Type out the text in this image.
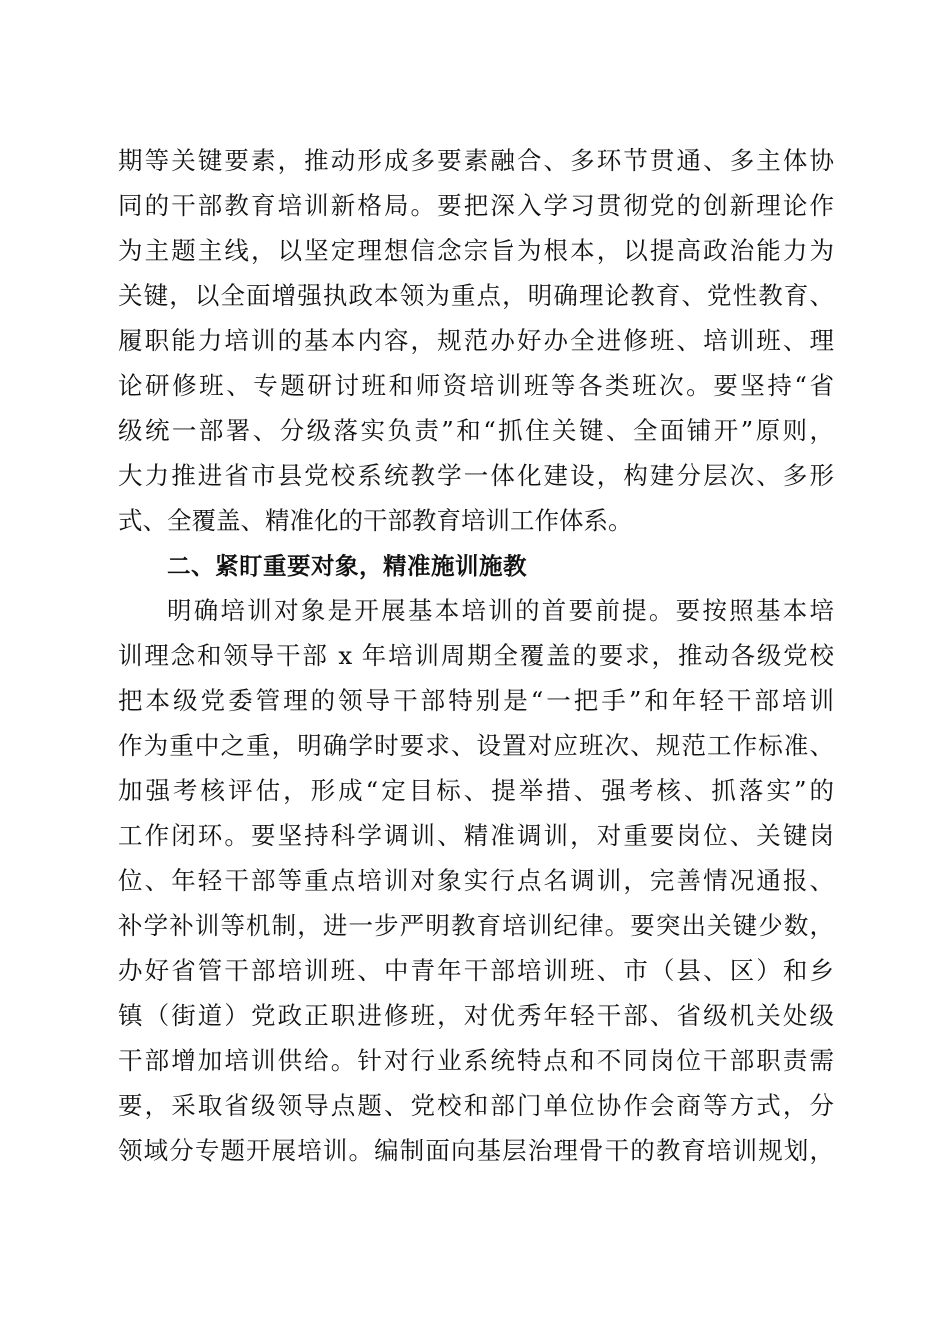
期等关键要素，推动形成多要素融合、多环节贯通、多主体协
同的干部教育培训新格局。要把深入学习贯彻党的创新理论作
为主题主线，以坚定理想信念宗旨为根本，以提高政治能力为
关键，以全面增强执政本领为重点，明确理论教育、党性教育、
履职能力培训的基本内容，规范办好办全进修班、培训班、理
论研修班、专题研讨班和师资培训班等各类班次。要坚持“省
级统一部署、分级落实负责”和“抓住关键、全面铺开”原则，
大力推进省市县党校系统教学一体化建设，构建分层次、多形
式、全覆盖、精准化的干部教育培训工作体系。
二、紧盯重要对象，精准施训施教
明确培训对象是开展基本培训的首要前提。要按照基本培
训理念和领导干部 x 年培训周期全覆盖的要求，推动各级党校
把本级党委管理的领导干部特别是“一把手”和年轻干部培训
作为重中之重，明确学时要求、设置对应班次、规范工作标准、
加强考核评估，形成“定目标、提举措、强考核、抓落实”的
工作闭环。要坚持科学调训、精准调训，对重要岗位、关键岗
位、年轻干部等重点培训对象实行点名调训，完善情况通报、
补学补训等机制，进一步严明教育培训纪律。要突出关键少数，
办好省管干部培训班、中青年干部培训班、市（县、区）和乡
镇（街道）党政正职进修班，对优秀年轻干部、省级机关处级
干部增加培训供给。针对行业系统特点和不同岗位干部职责需
要，采取省级领导点题、党校和部门单位协作会商等方式，分
领域分专题开展培训。编制面向基层治理骨干的教育培训规划，
